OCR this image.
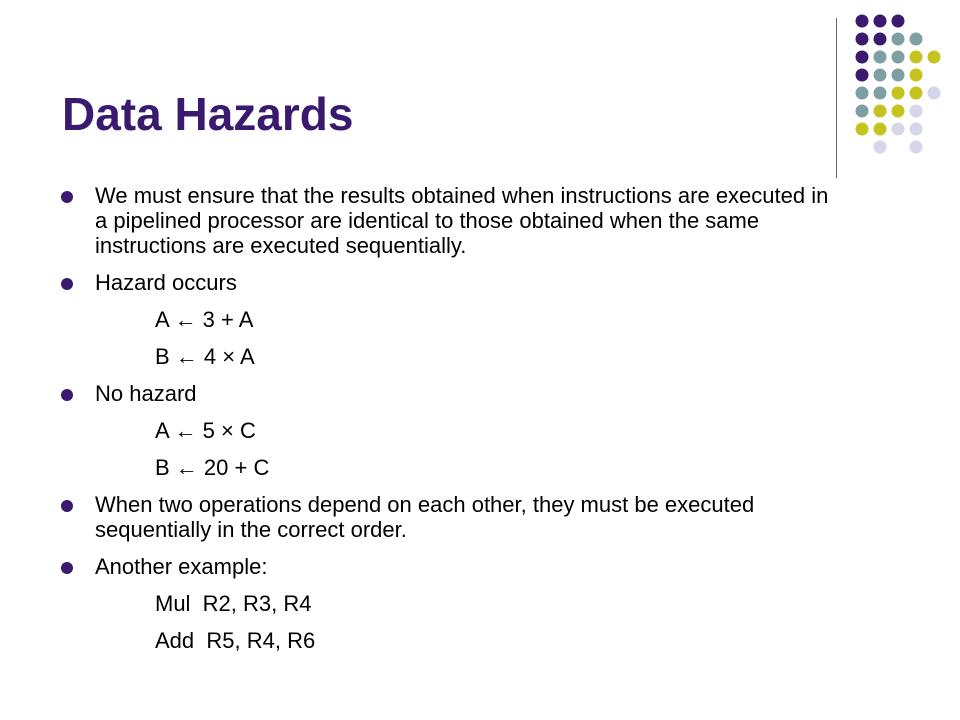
Data Hazards
We must ensure that the results obtained when instructions are executed in a pipelined processor are identical to those obtained when the same instructions are executed sequentially.
Hazard occurs
A ← 3 + A
B ← 4 × A
No hazard
A ← 5 × C
B ← 20 + C
When two operations depend on each other, they must be executed sequentially in the correct order.
Another example:
Mul  R2, R3, R4
Add  R5, R4, R6
